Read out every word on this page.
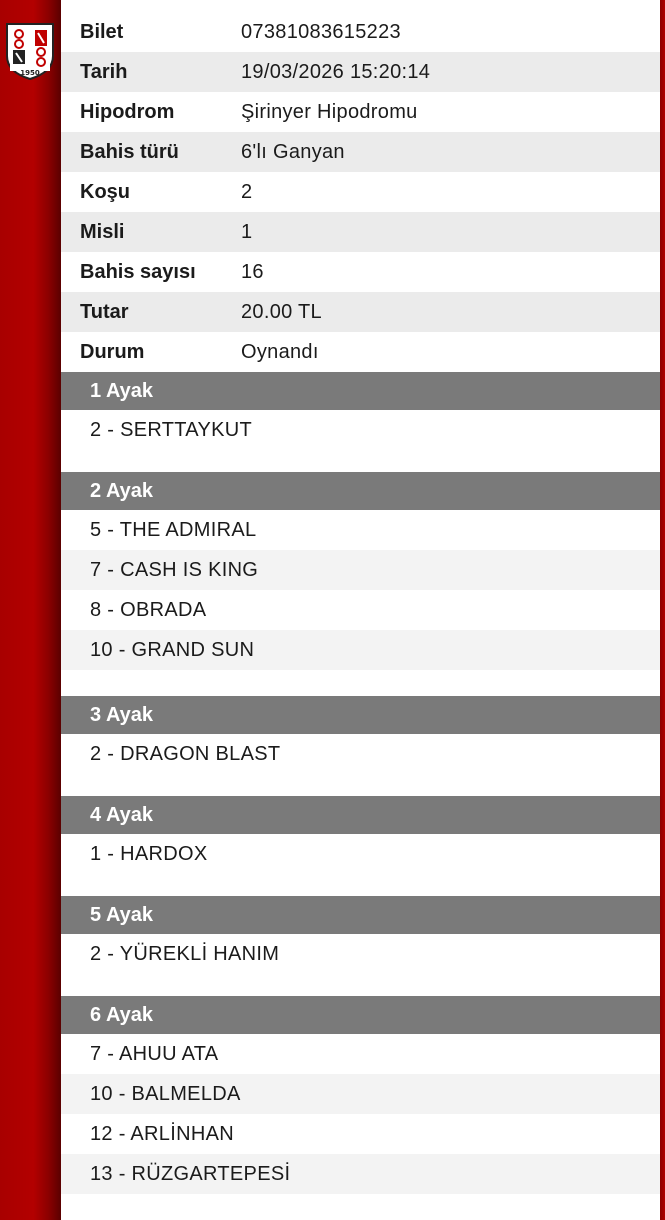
1950
Bilet	07381083615223
Tarih	19/03/2026 15:20:14
Hipodrom	Şirinyer Hipodromu
Bahis türü	6'lı Ganyan
Koşu	2
Misli	1
Bahis sayısı	16
Tutar	20.00 TL
Durum	Oynandı
1 Ayak
2 - SERTTAYKUT
2 Ayak
5 - THE ADMIRAL
7 - CASH IS KING
8 - OBRADA
10 - GRAND SUN
3 Ayak
2 - DRAGON BLAST
4 Ayak
1 - HARDOX
5 Ayak
2 - YÜREKLİ HANIM
6 Ayak
7 - AHUU ATA
10 - BALMELDA
12 - ARLİNHAN
13 - RÜZGARTEPESİ
